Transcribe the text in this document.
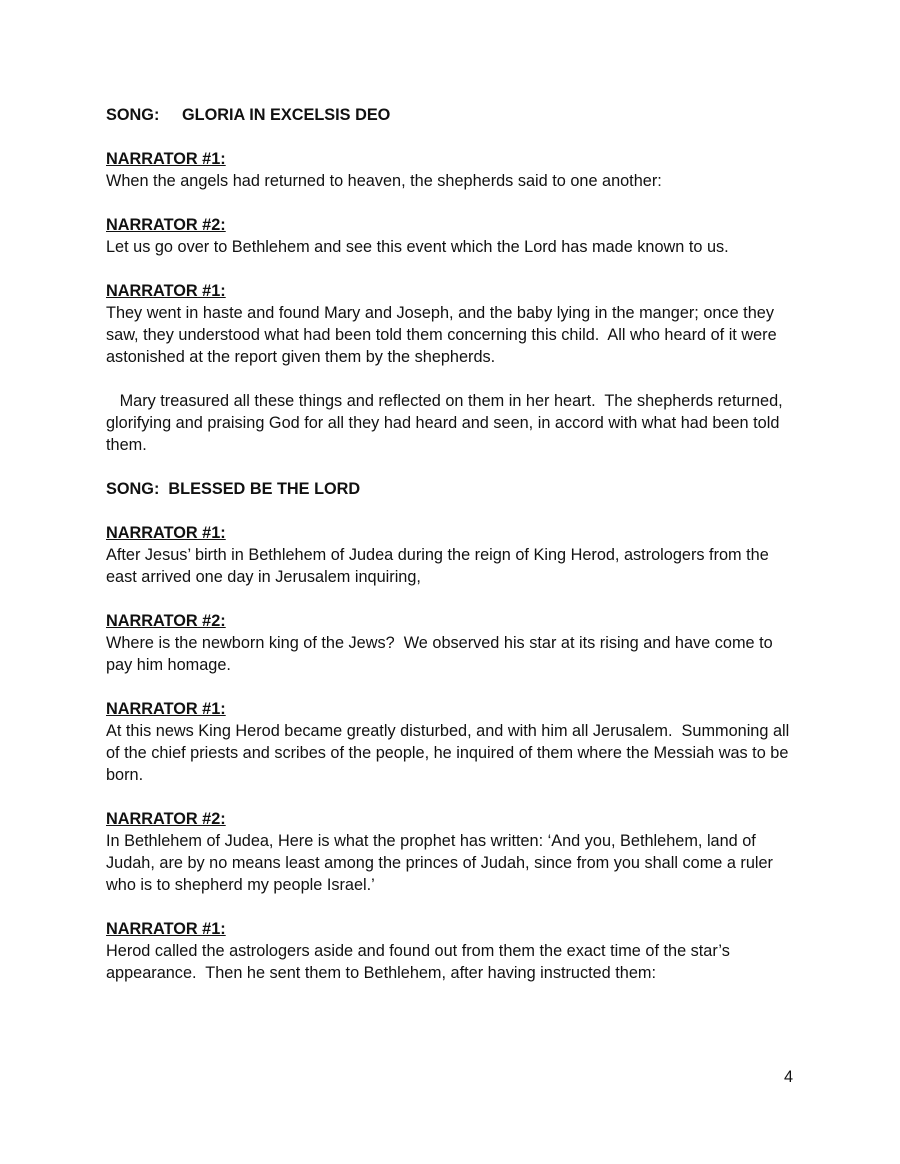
SONG:     GLORIA IN EXCELSIS DEO
NARRATOR #1:
When the angels had returned to heaven, the shepherds said to one another:
NARRATOR #2:
Let us go over to Bethlehem and see this event which the Lord has made known to us.
NARRATOR #1:
They went in haste and found Mary and Joseph, and the baby lying in the manger; once they saw, they understood what had been told them concerning this child.  All who heard of it were astonished at the report given them by the shepherds.
Mary treasured all these things and reflected on them in her heart.  The shepherds returned, glorifying and praising God for all they had heard and seen, in accord with what had been told them.
SONG:  BLESSED BE THE LORD
NARRATOR #1:
After Jesus’ birth in Bethlehem of Judea during the reign of King Herod, astrologers from the east arrived one day in Jerusalem inquiring,
NARRATOR #2:
Where is the newborn king of the Jews?  We observed his star at its rising and have come to pay him homage.
NARRATOR #1:
At this news King Herod became greatly disturbed, and with him all Jerusalem.  Summoning all of the chief priests and scribes of the people, he inquired of them where the Messiah was to be born.
NARRATOR #2:
In Bethlehem of Judea, Here is what the prophet has written: ‘And you, Bethlehem, land of Judah, are by no means least among the princes of Judah, since from you shall come a ruler who is to shepherd my people Israel.’
NARRATOR #1:
Herod called the astrologers aside and found out from them the exact time of the star’s appearance.  Then he sent them to Bethlehem, after having instructed them:
4
